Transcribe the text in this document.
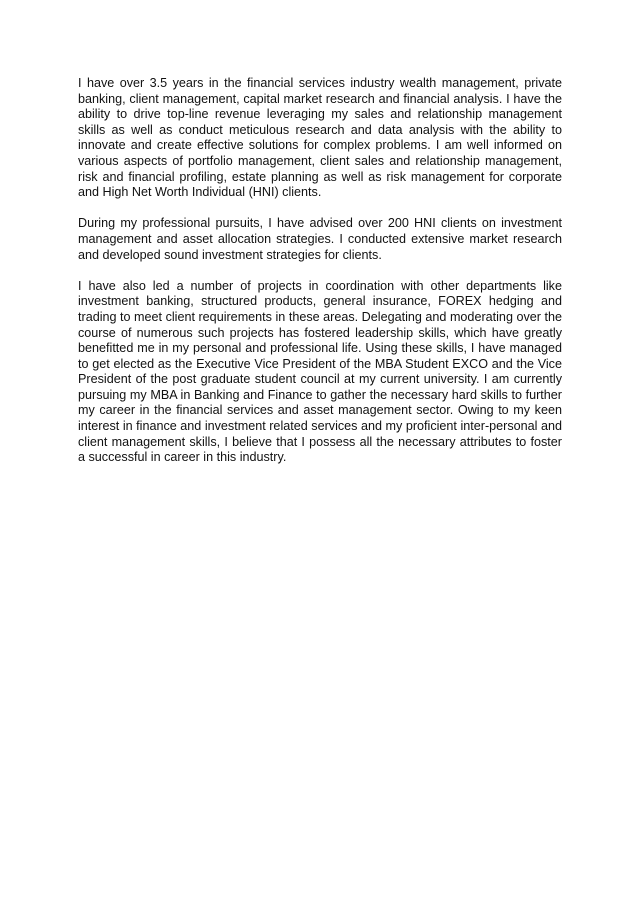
I have over 3.5 years in the financial services industry wealth management, private banking, client management, capital market research and financial analysis. I have the ability to drive top-line revenue leveraging my sales and relationship management skills as well as conduct meticulous research and data analysis with the ability to innovate and create effective solutions for complex problems. I am well informed on various aspects of portfolio management, client sales and relationship management, risk and financial profiling, estate planning as well as risk management for corporate and High Net Worth Individual (HNI) clients.

During my professional pursuits, I have advised over 200 HNI clients on investment management and asset allocation strategies. I conducted extensive market research and developed sound investment strategies for clients.

I have also led a number of projects in coordination with other departments like investment banking, structured products, general insurance, FOREX hedging and trading to meet client requirements in these areas. Delegating and moderating over the course of numerous such projects has fostered leadership skills, which have greatly benefitted me in my personal and professional life. Using these skills, I have managed to get elected as the Executive Vice President of the MBA Student EXCO and the Vice President of the post graduate student council at my current university. I am currently pursuing my MBA in Banking and Finance to gather the necessary hard skills to further my career in the financial services and asset management sector. Owing to my keen interest in finance and investment related services and my proficient inter-personal and client management skills, I believe that I possess all the necessary attributes to foster a successful in career in this industry.
